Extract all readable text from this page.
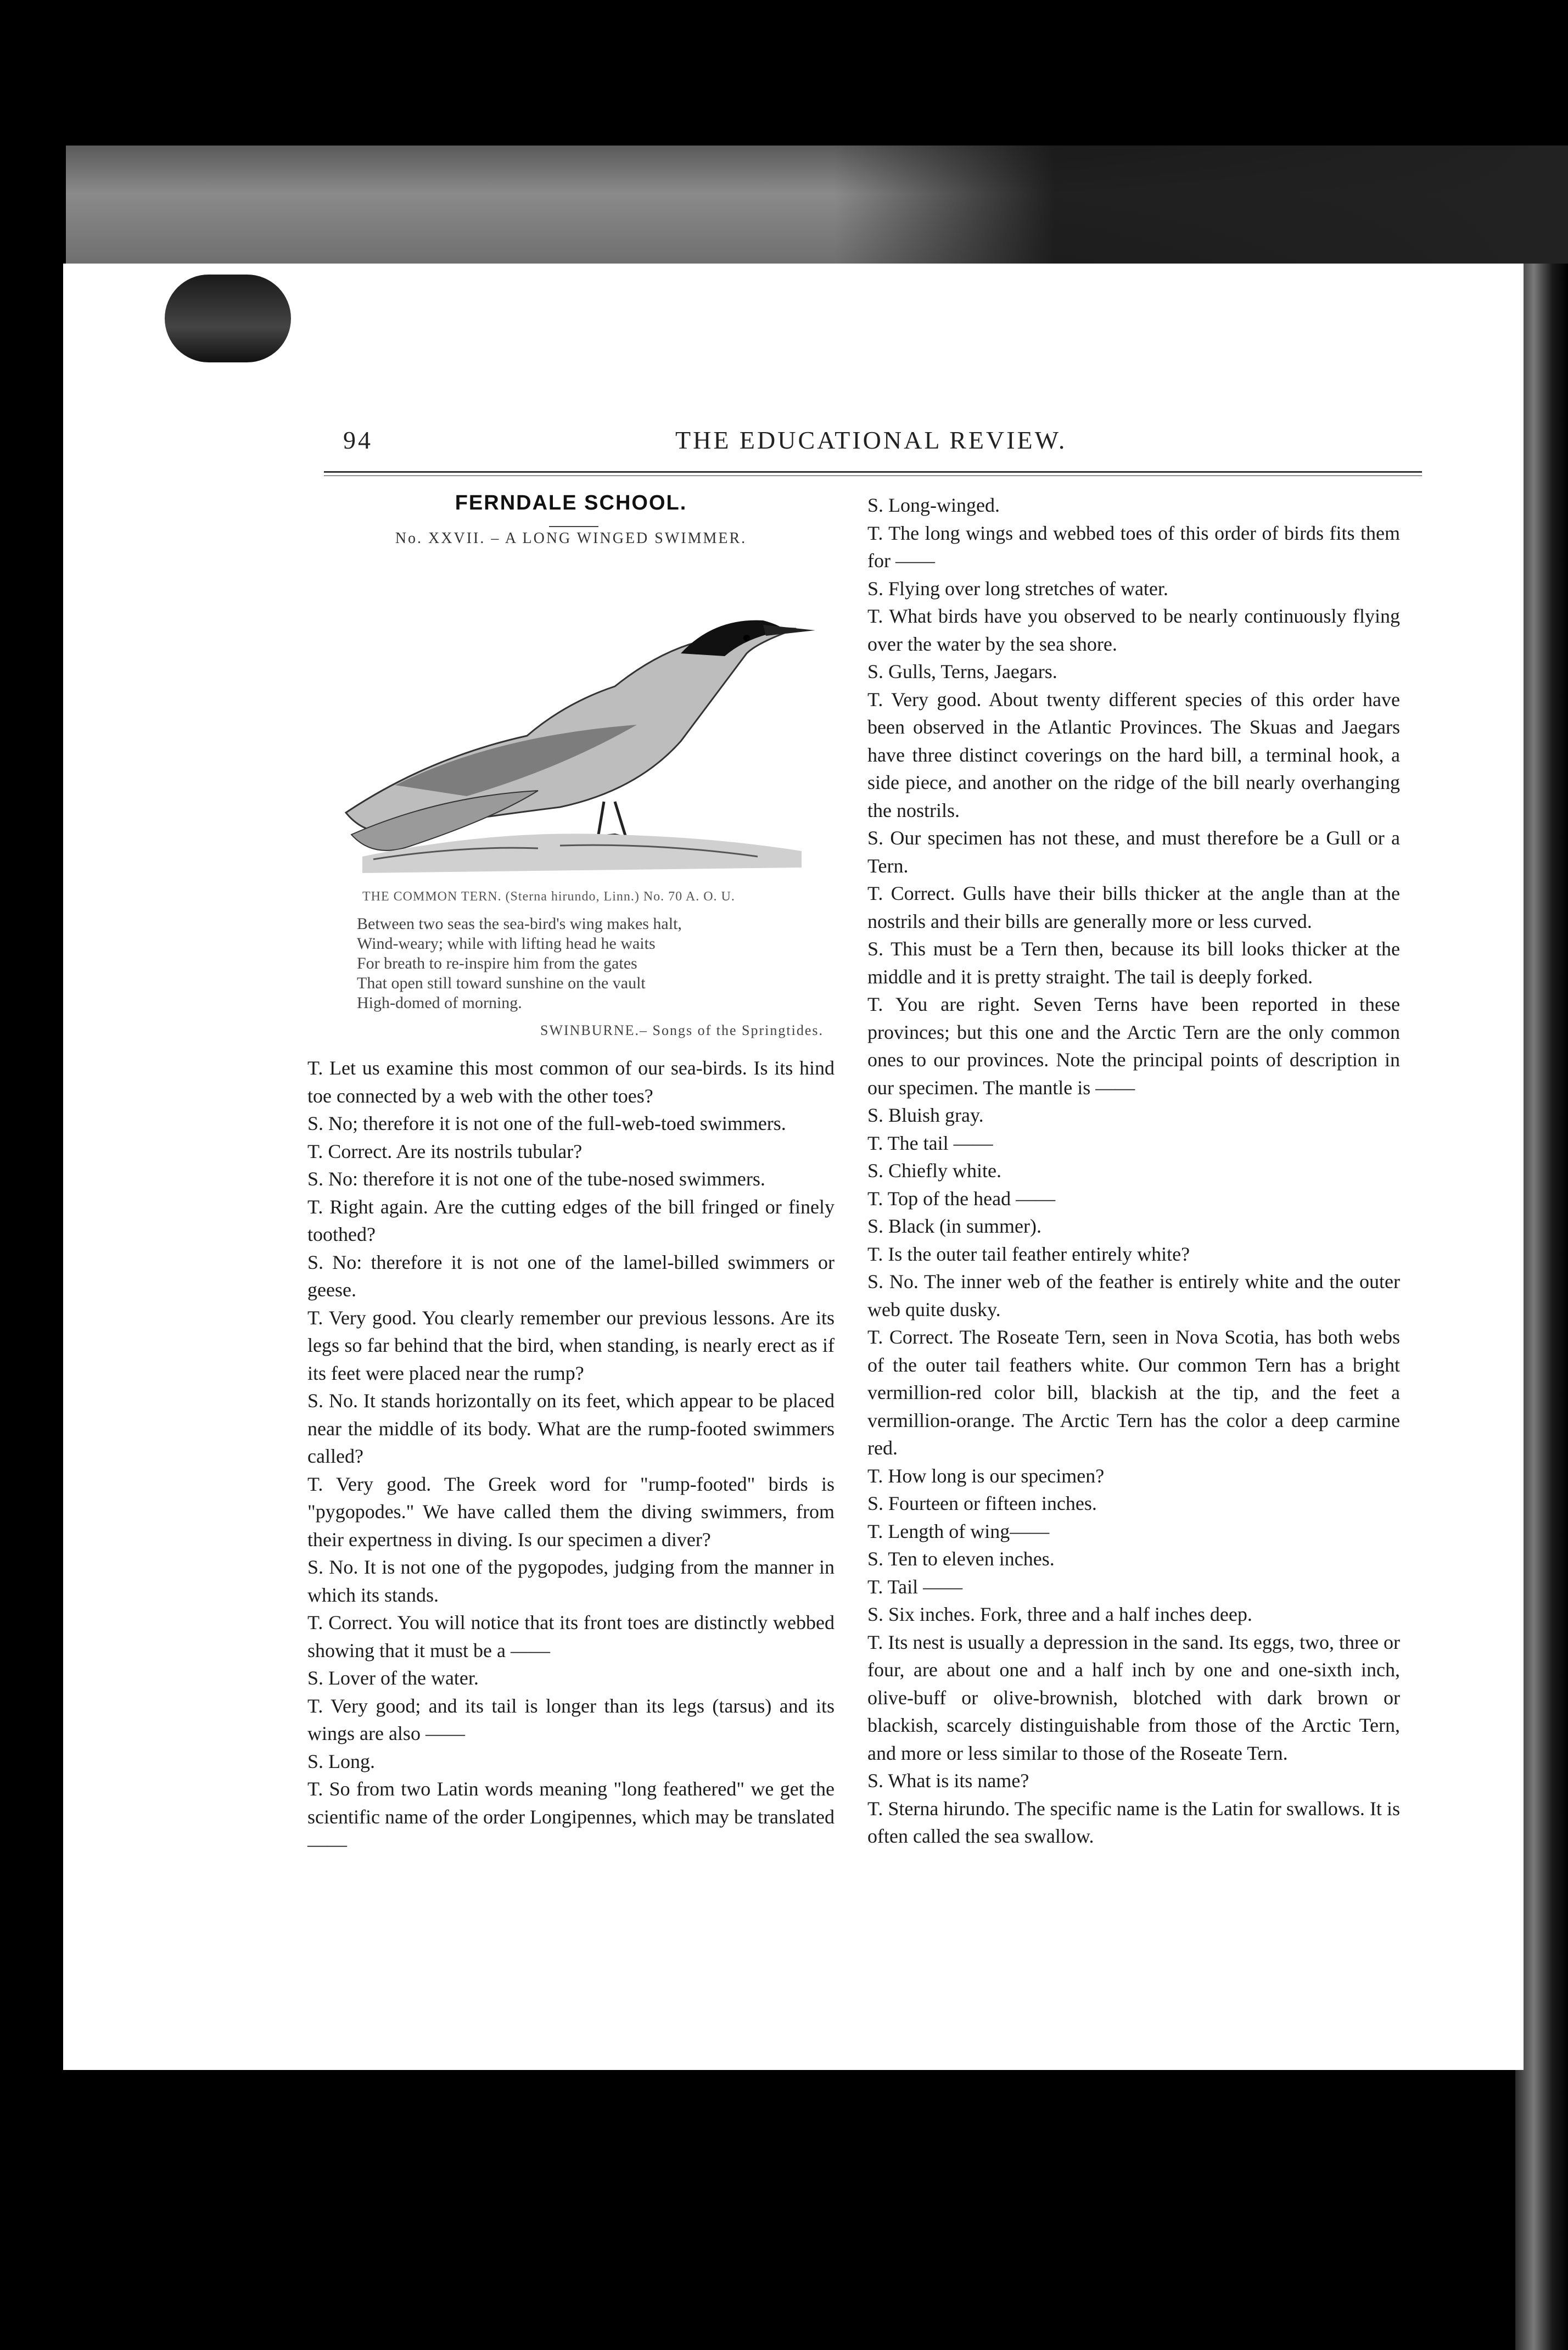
94	THE EDUCATIONAL REVIEW.
FERNDALE SCHOOL.
No. XXVII. – A LONG WINGED SWIMMER.
THE COMMON TERN. (Sterna hirundo, Linn.) No. 70 A. O. U.
Between two seas the sea-bird's wing makes halt,
Wind-weary; while with lifting head he waits
For breath to re-inspire him from the gates
That open still toward sunshine on the vault
High-domed of morning.
SWINBURNE.– Songs of the Springtides.

T. Let us examine this most common of our sea-birds. Is its hind toe connected by a web with the other toes?

S. No; therefore it is not one of the full-web-toed swimmers.

T. Correct. Are its nostrils tubular?

S. No: therefore it is not one of the tube-nosed swimmers.

T. Right again. Are the cutting edges of the bill fringed or finely toothed?

S. No: therefore it is not one of the lamel-billed swimmers or geese.

T. Very good. You clearly remember our previous lessons. Are its legs so far behind that the bird, when standing, is nearly erect as if its feet were placed near the rump?

S. No. It stands horizontally on its feet, which appear to be placed near the middle of its body. What are the rump-footed swimmers called?

T. Very good. The Greek word for "rump-footed" birds is "pygopodes." We have called them the diving swimmers, from their expertness in diving. Is our specimen a diver?

S. No. It is not one of the pygopodes, judging from the manner in which its stands.

T. Correct. You will notice that its front toes are distinctly webbed showing that it must be a ——

S. Lover of the water.

T. Very good; and its tail is longer than its legs (tarsus) and its wings are also ——

S. Long.

T. So from two Latin words meaning "long feathered" we get the scientific name of the order Longipennes, which may be translated ——

S. Long-winged.

T. The long wings and webbed toes of this order of birds fits them for ——

S. Flying over long stretches of water.

T. What birds have you observed to be nearly continuously flying over the water by the sea shore.

S. Gulls, Terns, Jaegars.

T. Very good. About twenty different species of this order have been observed in the Atlantic Provinces. The Skuas and Jaegars have three distinct coverings on the hard bill, a terminal hook, a side piece, and another on the ridge of the bill nearly overhanging the nostrils.

S. Our specimen has not these, and must therefore be a Gull or a Tern.

T. Correct. Gulls have their bills thicker at the angle than at the nostrils and their bills are generally more or less curved.

S. This must be a Tern then, because its bill looks thicker at the middle and it is pretty straight. The tail is deeply forked.

T. You are right. Seven Terns have been reported in these provinces; but this one and the Arctic Tern are the only common ones to our provinces. Note the principal points of description in our specimen. The mantle is ——

S. Bluish gray.

T. The tail ——

S. Chiefly white.

T. Top of the head ——

S. Black (in summer).

T. Is the outer tail feather entirely white?

S. No. The inner web of the feather is entirely white and the outer web quite dusky.

T. Correct. The Roseate Tern, seen in Nova Scotia, has both webs of the outer tail feathers white. Our common Tern has a bright vermillion-red color bill, blackish at the tip, and the feet a vermillion-orange. The Arctic Tern has the color a deep carmine red.

T. How long is our specimen?

S. Fourteen or fifteen inches.

T. Length of wing——

S. Ten to eleven inches.

T. Tail ——

S. Six inches. Fork, three and a half inches deep.

T. Its nest is usually a depression in the sand. Its eggs, two, three or four, are about one and a half inch by one and one-sixth inch, olive-buff or olive-brownish, blotched with dark brown or blackish, scarcely distinguishable from those of the Arctic Tern, and more or less similar to those of the Roseate Tern.

S. What is its name?

T. Sterna hirundo. The specific name is the Latin for swallows. It is often called the sea swallow.
